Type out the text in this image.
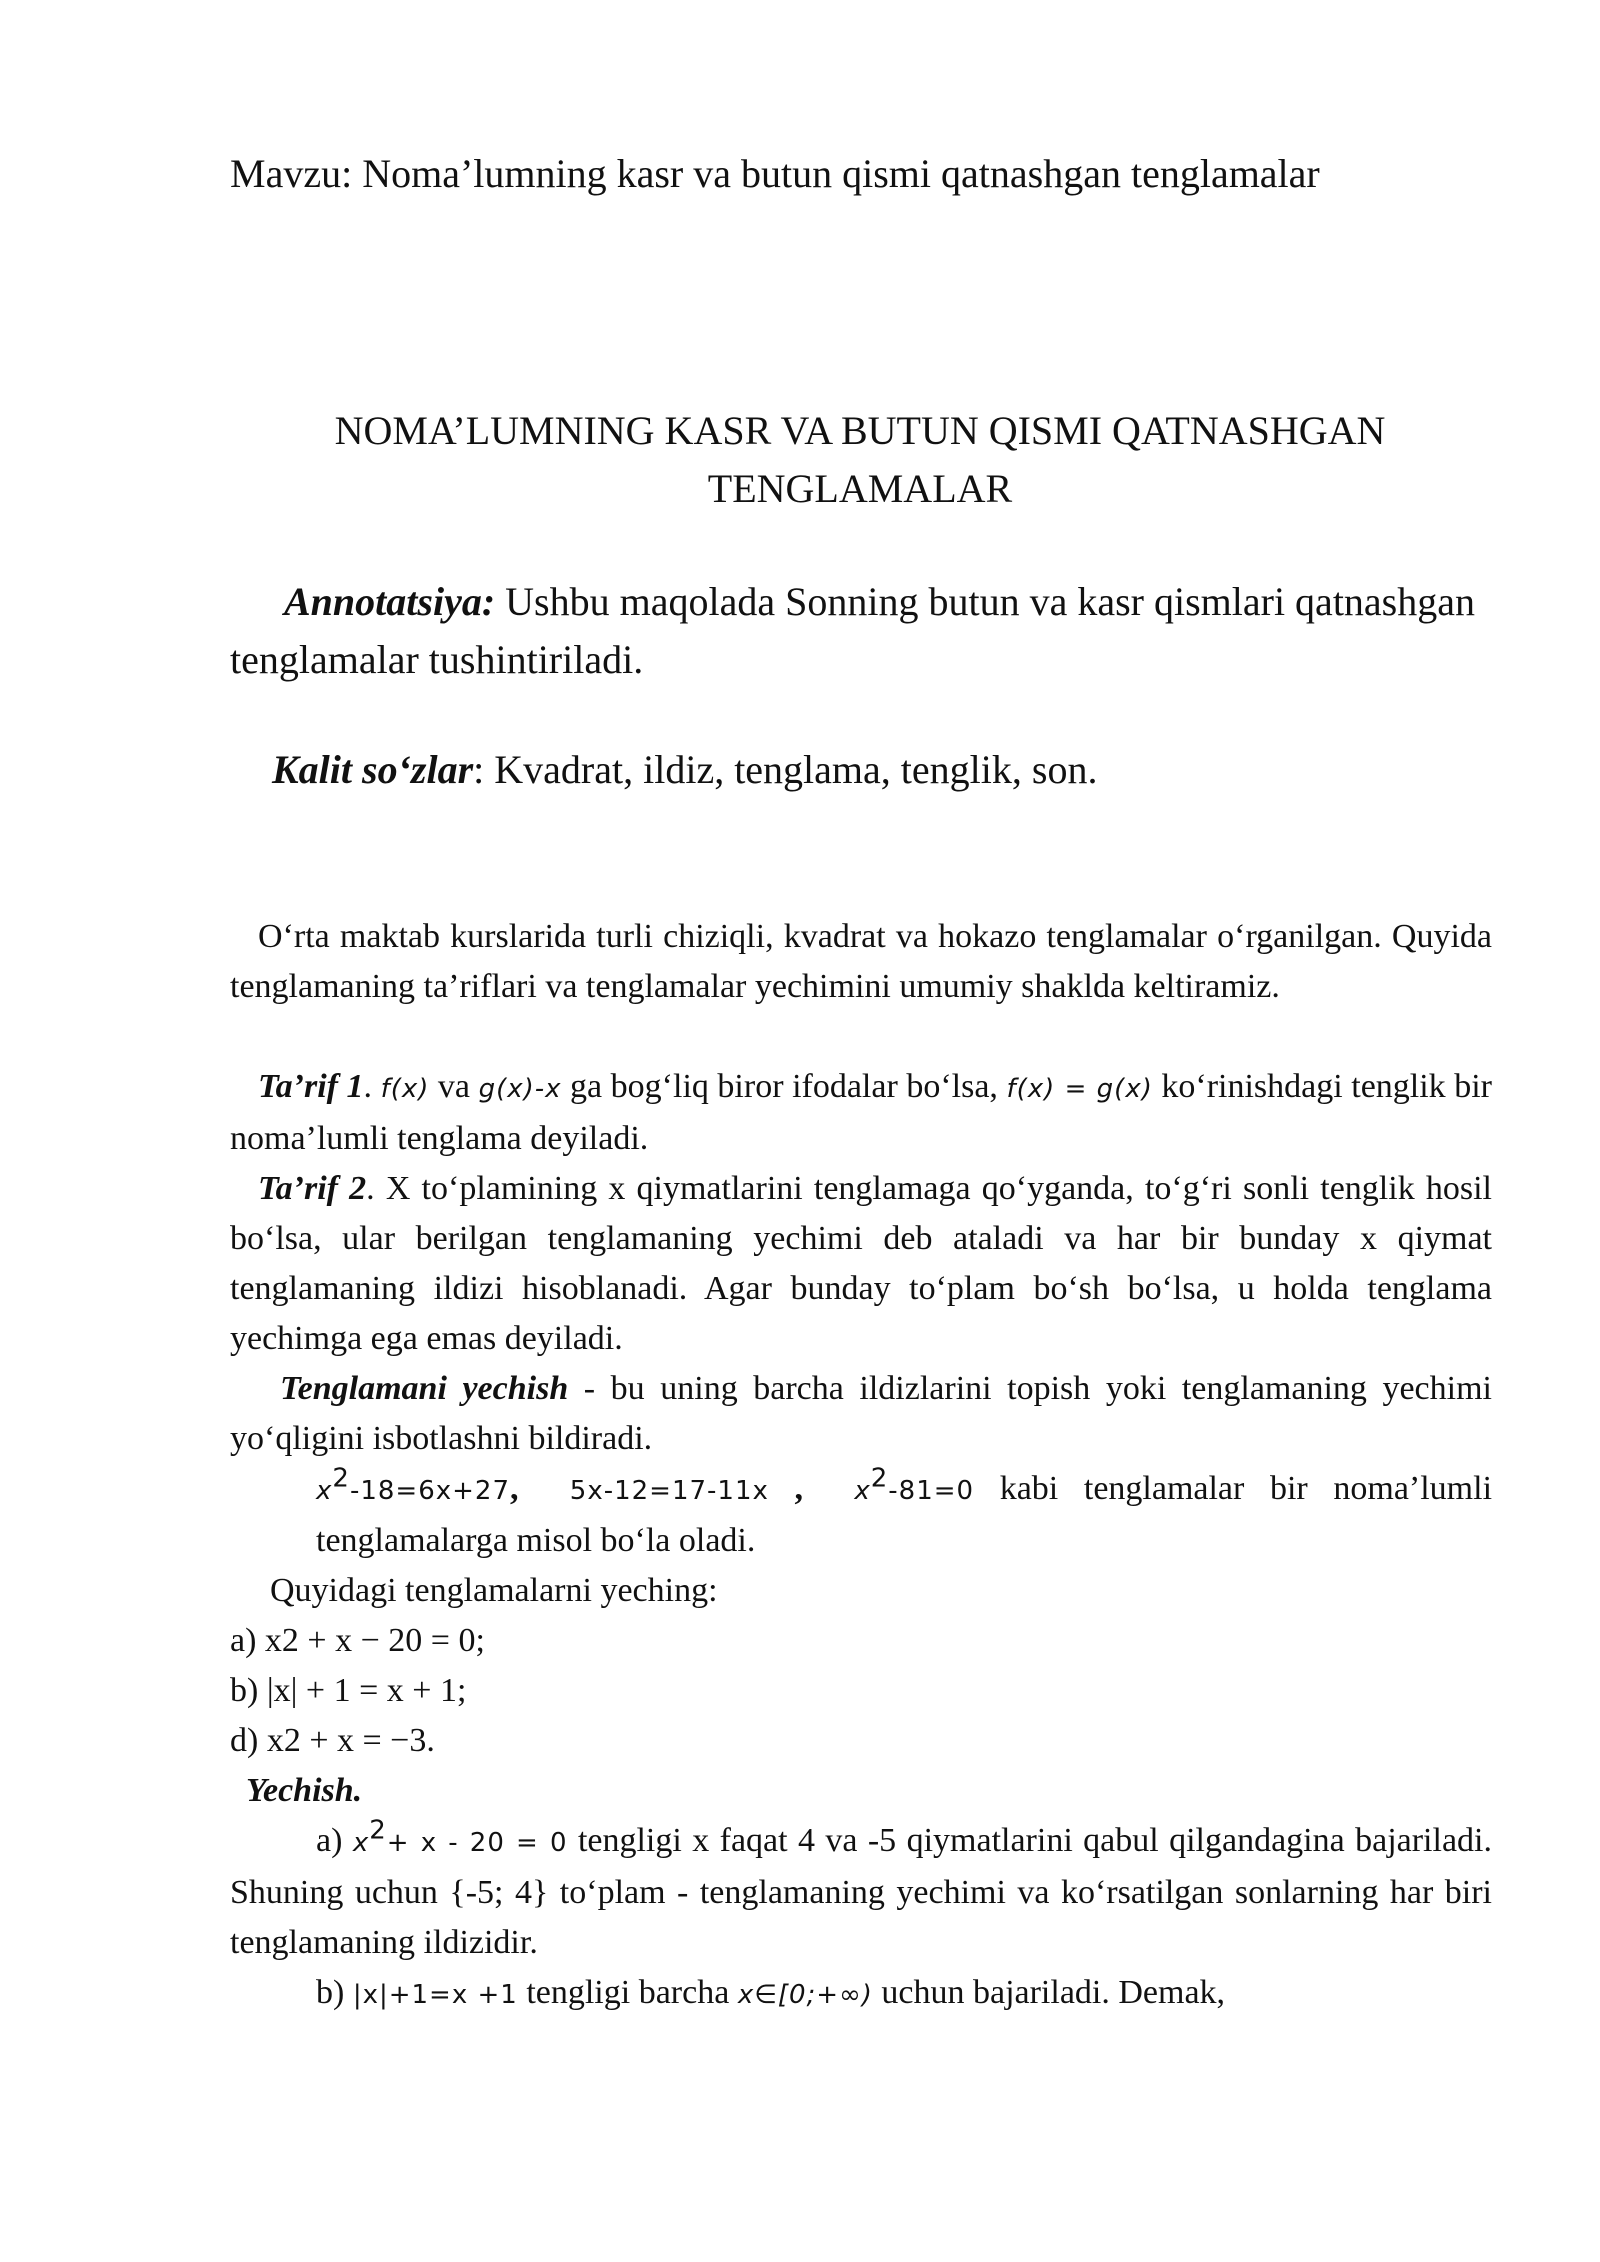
Mavzu: Noma’lumning kasr va butun qismi qatnashgan tenglamalar
NOMA’LUMNING KASR VA BUTUN QISMI QATNASHGAN
TENGLAMALAR
Annotatsiya: Ushbu maqolada Sonning butun va kasr qismlari qatnashgan tenglamalar tushintiriladi.
Kalit so‘zlar: Kvadrat, ildiz, tenglama, tenglik, son.

O‘rta maktab kurslarida turli chiziqli, kvadrat va hokazo tenglamalar o‘rganilgan. Quyida tenglamaning ta’riflari va tenglamalar yechimini umumiy shaklda keltiramiz.

Ta’rif 1. f(x) va g(x)-x ga bog‘liq biror ifodalar bo‘lsa, f(x) = g(x) ko‘rinishdagi tenglik bir noma’lumli tenglama deyiladi.

Ta’rif 2. X to‘plamining x qiymatlarini tenglamaga qo‘yganda, to‘g‘ri sonli tenglik hosil bo‘lsa, ular berilgan tenglamaning yechimi deb ataladi va har bir bunday x qiymat tenglamaning ildizi hisoblanadi. Agar bunday to‘plam bo‘sh bo‘lsa, u holda tenglama yechimga ega emas deyiladi.

Tenglamani yechish - bu uning barcha ildizlarini topish yoki tenglamaning yechimi yo‘qligini isbotlashni bildiradi.

$x^2-18=6x+27$, 5x-12=17-11x , $x^2-81=0$ kabi tenglamalar bir noma’lumli tenglamalarga misol bo‘la oladi.

Quyidagi tenglamalarni yeching:

a) x2 + x − 20 = 0;

b) |x| + 1 = x + 1;

d) x2 + x = −3.

Yechish.

a) $x^2+ x - 20 = 0$ tengligi x faqat 4 va -5 qiymatlarini qabul qilgandagina bajariladi. Shuning uchun {-5; 4} to‘plam - tenglamaning yechimi va ko‘rsatilgan sonlarning har biri tenglamaning ildizidir.

b) |x|+1=x +1 tengligi barcha x∈[0;+∞) uchun bajariladi. Demak,
